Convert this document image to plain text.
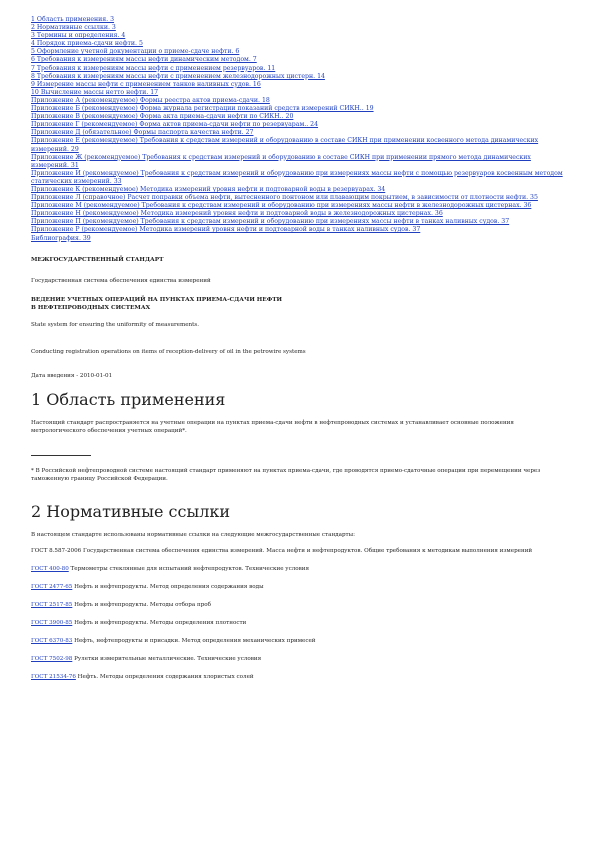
1 Область применения. 3
2 Нормативные ссылки. 3
3 Термины и определения. 4
4 Порядок приема-сдачи нефти. 5
5 Оформление учетной документации о приеме-сдаче нефти. 6
6 Требования к измерениям массы нефти динамическим методом. 7
7 Требования к измерениям массы нефти с применением резервуаров. 11
8 Требования к измерениям массы нефти с применением железнодорожных цистерн. 14
9 Измерение массы нефти с применением танков наливных судов. 16
10 Вычисление массы нетто нефти. 17
Приложение А (рекомендуемое) Формы реестра актов приема-сдачи. 18
Приложение Б (рекомендуемое) Форма журнала регистрации показаний средств измерений СИКН.. 19
Приложение В (рекомендуемое) Форма акта приема-сдачи нефти по СИКН.. 20
Приложение Г (рекомендуемое) Форма актов приема-сдачи нефти по резервуарам.. 24
Приложение Д (обязательное) Формы паспорта качества нефти. 27
Приложение Е (рекомендуемое) Требования к средствам измерений и оборудованию в составе СИКН при применении косвенного метода динамических измерений. 29
Приложение Ж (рекомендуемое) Требования к средствам измерений и оборудованию в составе СИКН при применении прямого метода динамических измерений. 31
Приложение И (рекомендуемое) Требования к средствам измерений и оборудованию при измерениях массы нефти с помощью резервуаров косвенным методом статических измерений. 33
Приложение К (рекомендуемое) Методика измерений уровня нефти и подтоварной воды в резервуарах. 34
Приложение Л (справочное) Расчет поправки объема нефти, вытесненного понтоном или плавающим покрытием, в зависимости от плотности нефти. 35
Приложение М (рекомендуемое) Требования к средствам измерений и оборудованию при измерениях массы нефти в железнодорожных цистернах. 36
Приложение Н (рекомендуемое) Методика измерений уровня нефти и подтоварной воды в железнодорожных цистернах. 36
Приложение П (рекомендуемое) Требования к средствам измерений и оборудованию при измерениях массы нефти в танках наливных судов. 37
Приложение Р (рекомендуемое) Методика измерений уровня нефти и подтоварной воды в танках наливных судов. 37
Библиография. 39

МЕЖГОСУДАРСТВЕННЫЙ СТАНДАРТ

Государственная система обеспечения единства измерений

ВЕДЕНИЕ УЧЕТНЫХ ОПЕРАЦИЙ НА ПУНКТАХ ПРИЕМА-СДАЧИ НЕФТИ
В НЕФТЕПРОВОДНЫХ СИСТЕМАХ

State system for ensuring the uniformity of measurements.

Conducting registration operations on items of reception-delivery of oil in the petrowire systems

Дата введения - 2010-01-01

1 Область применения

Настоящий стандарт распространяется на учетные операции на пунктах приема-сдачи нефти в нефтепроводных системах и устанавливает основные положения метрологического обеспечения учетных операций*.

* В Российской нефтепроводной системе настоящий стандарт применяют на пунктах приема-сдачи, где проводятся приемо-сдаточные операции при перемещении через таможенную границу Российской Федерации.

2 Нормативные ссылки

В настоящем стандарте использованы нормативные ссылки на следующие межгосударственные стандарты:

ГОСТ 8.587-2006 Государственная система обеспечения единства измерений. Масса нефти и нефтепродуктов. Общие требования к методикам выполнения измерений

ГОСТ 400-80 Термометры стеклянные для испытаний нефтепродуктов. Технические условия

ГОСТ 2477-65 Нефть и нефтепродукты. Метод определения содержания воды

ГОСТ 2517-85 Нефть и нефтепродукты. Методы отбора проб

ГОСТ 3900-85 Нефть и нефтепродукты. Методы определения плотности

ГОСТ 6370-83 Нефть, нефтепродукты и присадки. Метод определения механических примесей

ГОСТ 7502-98 Рулетки измерительные металлические. Технические условия

ГОСТ 21534-76 Нефть. Методы определения содержания хлористых солей
